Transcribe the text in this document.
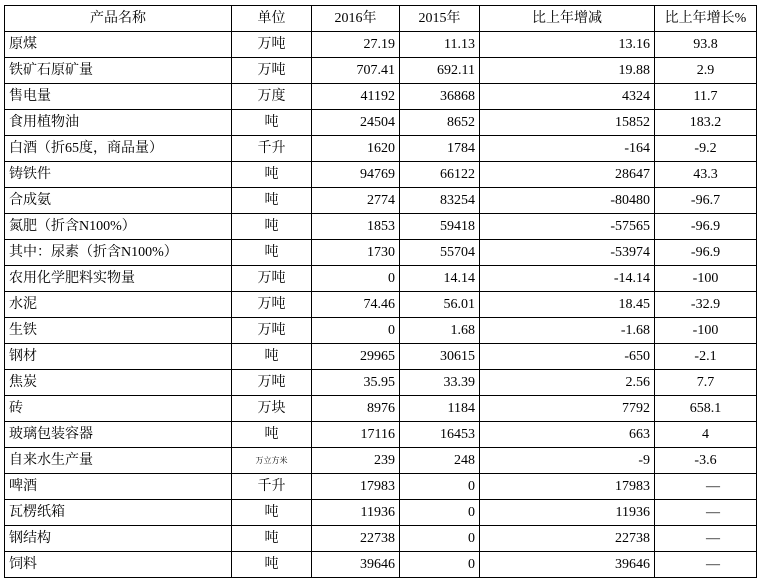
产品名称	单位	2016年	2015年	比上年增减	比上年增长%
原煤	万吨	27.19	11.13	13.16	93.8
铁矿石原矿量	万吨	707.41	692.11	19.88	2.9
售电量	万度	41192	36868	4324	11.7
食用植物油	吨	24504	8652	15852	183.2
白酒（折65度，商品量）	千升	1620	1784	-164	-9.2
铸铁件	吨	94769	66122	28647	43.3
合成氨	吨	2774	83254	-80480	-96.7
氮肥（折含N100%）	吨	1853	59418	-57565	-96.9
其中：尿素（折含N100%）	吨	1730	55704	-53974	-96.9
农用化学肥料实物量	万吨	0	14.14	-14.14	-100
水泥	万吨	74.46	56.01	18.45	-32.9
生铁	万吨	0	1.68	-1.68	-100
钢材	吨	29965	30615	-650	-2.1
焦炭	万吨	35.95	33.39	2.56	7.7
砖	万块	8976	1184	7792	658.1
玻璃包装容器	吨	17116	16453	663	4
自来水生产量	万立方米	239	248	-9	-3.6
啤酒	千升	17983	0	17983	—
瓦楞纸箱	吨	11936	0	11936	—
钢结构	吨	22738	0	22738	—
饲料	吨	39646	0	39646	—
